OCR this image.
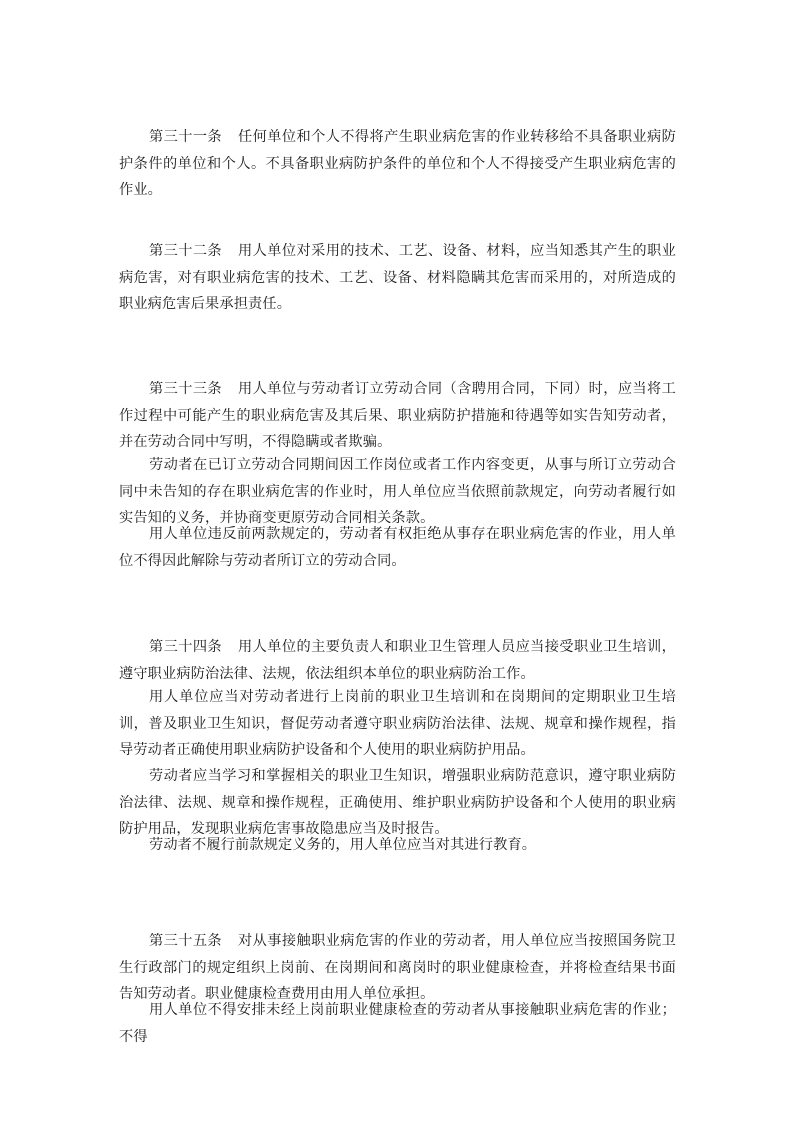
第三十一条 任何单位和个人不得将产生职业病危害的作业转移给不具备职业病防护条件的单位和个人。不具备职业病防护条件的单位和个人不得接受产生职业病危害的作业。

第三十二条 用人单位对采用的技术、工艺、设备、材料，应当知悉其产生的职业病危害，对有职业病危害的技术、工艺、设备、材料隐瞒其危害而采用的，对所造成的职业病危害后果承担责任。

第三十三条 用人单位与劳动者订立劳动合同（含聘用合同，下同）时，应当将工作过程中可能产生的职业病危害及其后果、职业病防护措施和待遇等如实告知劳动者，并在劳动合同中写明，不得隐瞒或者欺骗。

劳动者在已订立劳动合同期间因工作岗位或者工作内容变更，从事与所订立劳动合同中未告知的存在职业病危害的作业时，用人单位应当依照前款规定，向劳动者履行如实告知的义务，并协商变更原劳动合同相关条款。

用人单位违反前两款规定的，劳动者有权拒绝从事存在职业病危害的作业，用人单位不得因此解除与劳动者所订立的劳动合同。

第三十四条 用人单位的主要负责人和职业卫生管理人员应当接受职业卫生培训，遵守职业病防治法律、法规，依法组织本单位的职业病防治工作。

用人单位应当对劳动者进行上岗前的职业卫生培训和在岗期间的定期职业卫生培训，普及职业卫生知识，督促劳动者遵守职业病防治法律、法规、规章和操作规程，指导劳动者正确使用职业病防护设备和个人使用的职业病防护用品。

劳动者应当学习和掌握相关的职业卫生知识，增强职业病防范意识，遵守职业病防治法律、法规、规章和操作规程，正确使用、维护职业病防护设备和个人使用的职业病防护用品，发现职业病危害事故隐患应当及时报告。

劳动者不履行前款规定义务的，用人单位应当对其进行教育。

第三十五条 对从事接触职业病危害的作业的劳动者，用人单位应当按照国务院卫生行政部门的规定组织上岗前、在岗期间和离岗时的职业健康检查，并将检查结果书面告知劳动者。职业健康检查费用由用人单位承担。

用人单位不得安排未经上岗前职业健康检查的劳动者从事接触职业病危害的作业；不得
